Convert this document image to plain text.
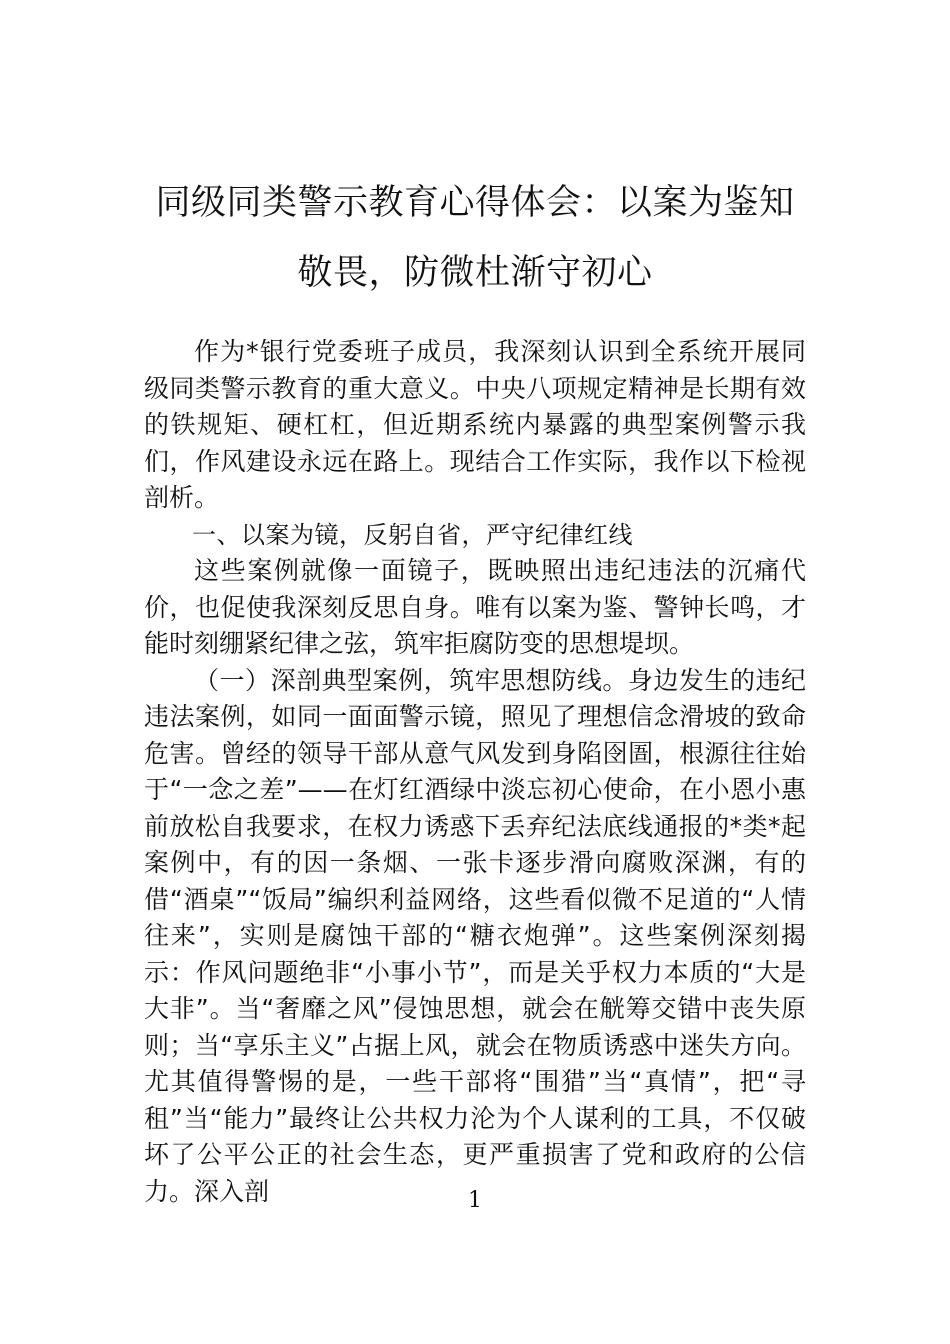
同级同类警示教育心得体会：以案为鉴知敬畏，防微杜渐守初心

作为*银行党委班子成员，我深刻认识到全系统开展同级同类警示教育的重大意义。中央八项规定精神是长期有效的铁规矩、硬杠杠，但近期系统内暴露的典型案例警示我们，作风建设永远在路上。现结合工作实际，我作以下检视剖析。

一、以案为镜，反躬自省，严守纪律红线

这些案例就像一面镜子，既映照出违纪违法的沉痛代价，也促使我深刻反思自身。唯有以案为鉴、警钟长鸣，才能时刻绷紧纪律之弦，筑牢拒腐防变的思想堤坝。

（一）深剖典型案例，筑牢思想防线。身边发生的违纪违法案例，如同一面面警示镜，照见了理想信念滑坡的致命危害。曾经的领导干部从意气风发到身陷囹圄，根源往往始于“一念之差”——在灯红酒绿中淡忘初心使命，在小恩小惠前放松自我要求，在权力诱惑下丢弃纪法底线通报的*类*起案例中，有的因一条烟、一张卡逐步滑向腐败深渊，有的借“酒桌”“饭局”编织利益网络，这些看似微不足道的“人情往来”，实则是腐蚀干部的“糖衣炮弹”。这些案例深刻揭示：作风问题绝非“小事小节”，而是关乎权力本质的“大是大非”。当“奢靡之风”侵蚀思想，就会在觥筹交错中丧失原则；当“享乐主义”占据上风，就会在物质诱惑中迷失方向。尤其值得警惕的是，一些干部将“围猎”当“真情”，把“寻租”当“能力”最终让公共权力沦为个人谋利的工具，不仅破坏了公平公正的社会生态，更严重损害了党和政府的公信力。深入剖	1
